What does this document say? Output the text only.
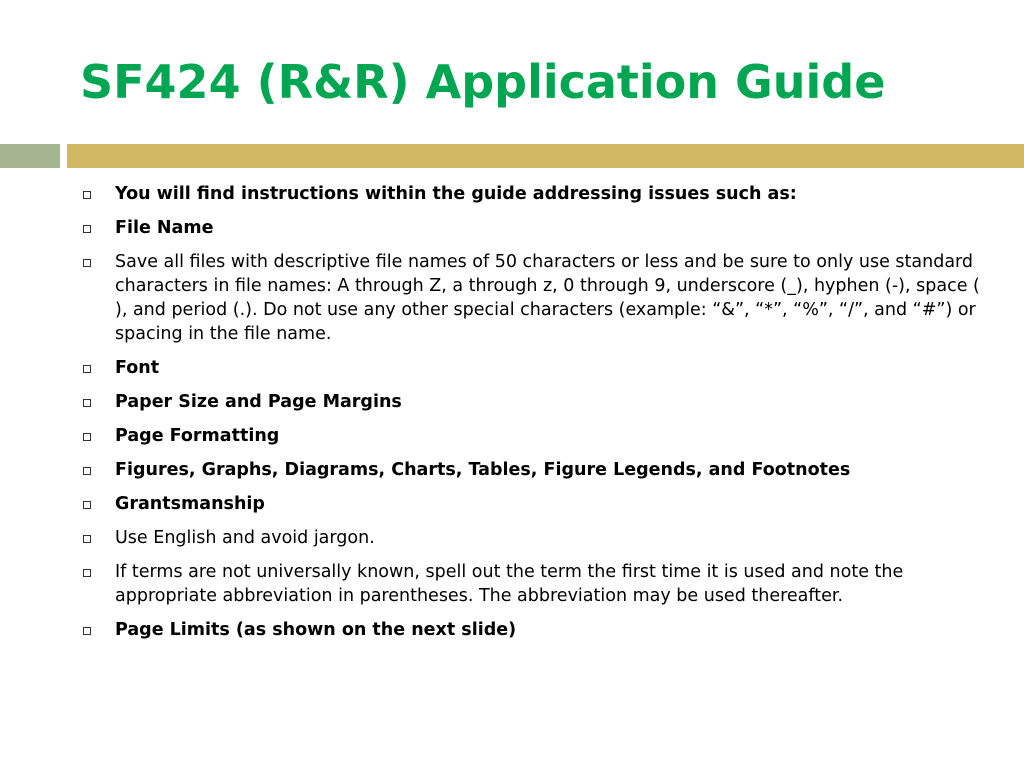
SF424 (R&R) Application Guide
You will find instructions within the guide addressing issues such as:
File Name
Save all files with descriptive file names of 50 characters or less and be sure to only use standard characters in file names: A through Z, a through z, 0 through 9, underscore (_), hyphen (-), space ( ), and period (.). Do not use any other special characters (example: “&”, “*”, “%”, “/”, and “#”) or spacing in the file name.
Font
Paper Size and Page Margins
Page Formatting
Figures, Graphs, Diagrams, Charts, Tables, Figure Legends, and Footnotes
Grantsmanship
Use English and avoid jargon.
If terms are not universally known, spell out the term the first time it is used and note the appropriate abbreviation in parentheses. The abbreviation may be used thereafter.
Page Limits (as shown on the next slide)
